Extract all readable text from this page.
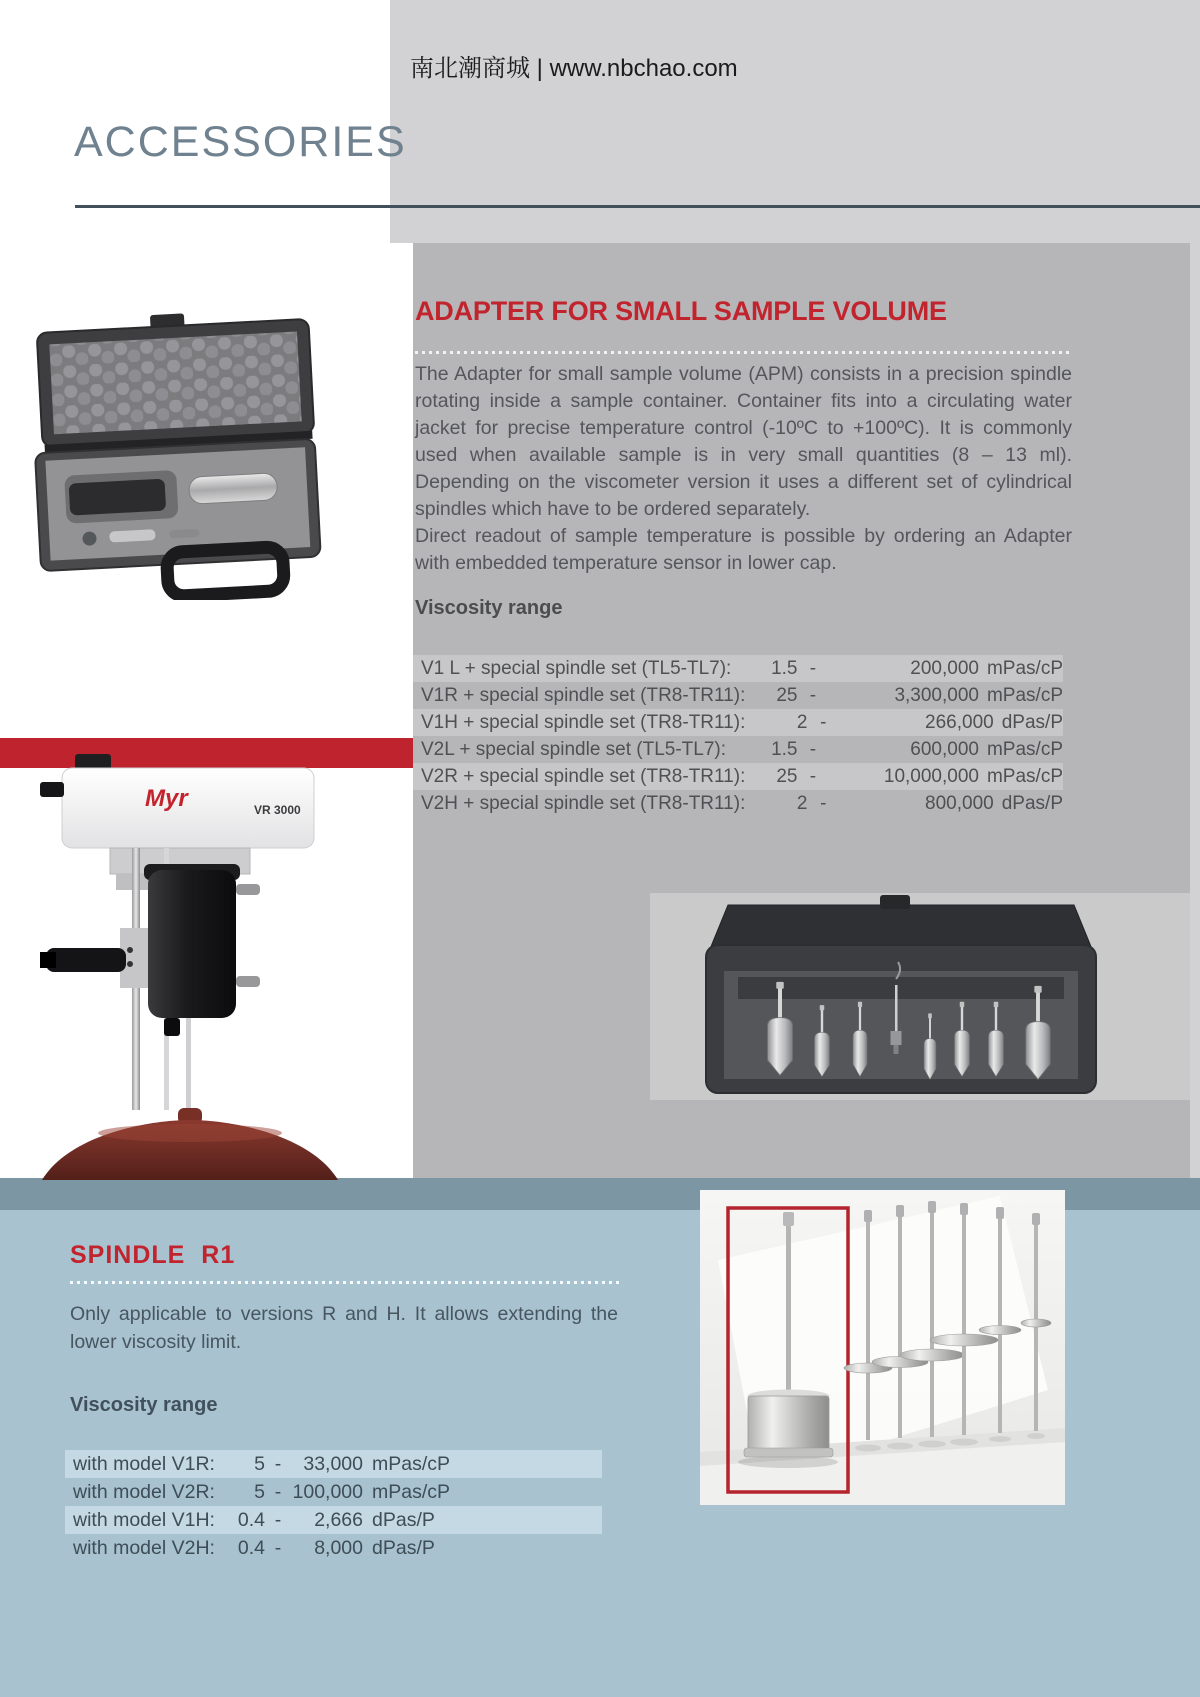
南北潮商城 | www.nbchao.com
ACCESSORIES
ADAPTER FOR SMALL SAMPLE VOLUME

The Adapter for small sample volume (APM) consists in a precision spindle rotating inside a sample container. Container fits into a circulating water jacket for precise temperature control (-10ºC to +100ºC). It is commonly used when available sample is in very small quantities (8 – 13 ml). Depending on the viscometer version it uses a different set of cylindrical spindles which have to be ordered separately.

Direct readout of sample temperature is possible by ordering an Adapter with embedded temperature sensor in lower cap.

Viscosity range
V1 L + special spindle set (TL5-TL7):	1.5 -	200,000 mPas/cP
V1R + special spindle set (TR8-TR11):	25 -	3,300,000 mPas/cP
V1H + special spindle set (TR8-TR11):	2 -	266,000 dPas/P
V2L + special spindle set (TL5-TL7):	1.5 -	600,000 mPas/cP
V2R + special spindle set (TR8-TR11):	25 -	10,000,000 mPas/cP
V2H + special spindle set (TR8-TR11):	2 -	800,000 dPas/P
Myr	VR 3000
SPINDLE R1
Only applicable to versions R and H. It allows extending the lower viscosity limit.
Viscosity range
with model V1R:	5 -	33,000 mPas/cP
with model V2R:	5 - 100,000 mPas/cP
with model V1H:	0.4 -	2,666 dPas/P
with model V2H:	0.4 -	8,000 dPas/P
